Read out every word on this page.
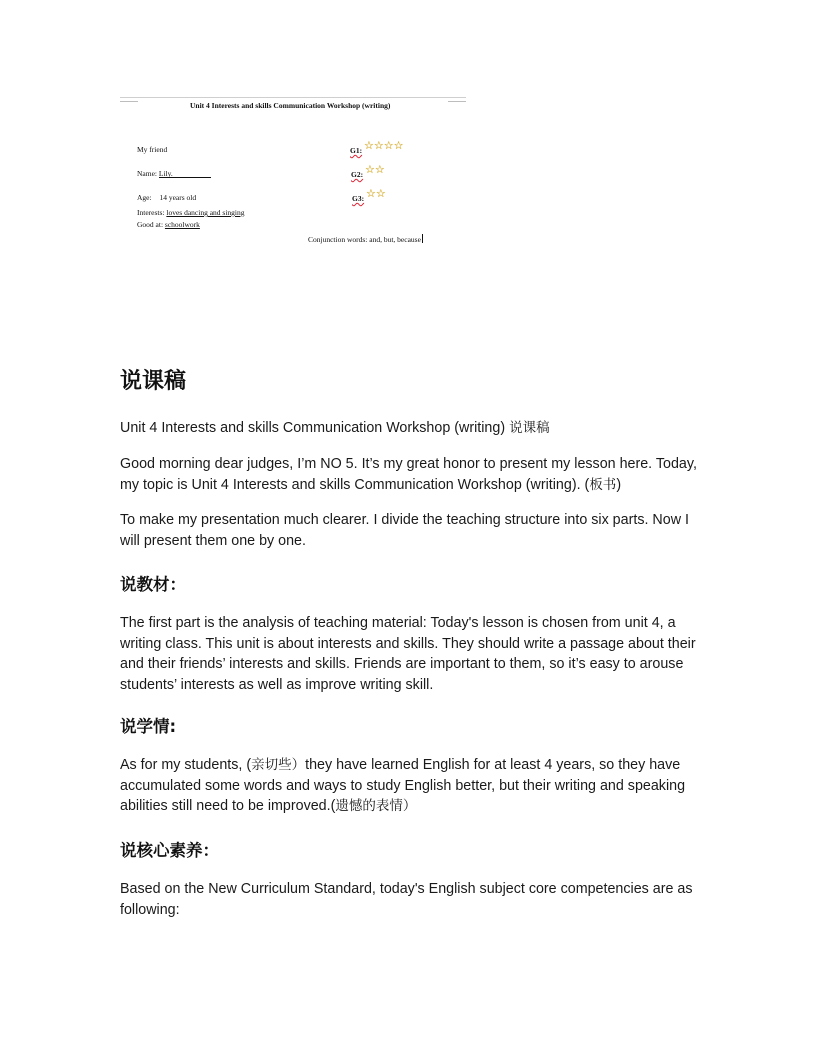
Unit 4 Interests and skills Communication Workshop (writing)
My friend
Name: Lily.
Age: 14 years old
Interests: loves dancing and singing
Good at: schoolwork
G1: ☆☆☆☆
G2: ☆☆
G3: ☆☆
Conjunction words: and, but, because
说课稿
Unit 4 Interests and skills Communication Workshop (writing) 说课稿
Good morning dear judges, I’m NO 5. It’s my great honor to present my lesson here. Today, my topic is Unit 4 Interests and skills Communication Workshop (writing). (板书)
To make my presentation much clearer. I divide the teaching structure into six parts. Now I will present them one by one.
说教材：
The first part is the analysis of teaching material: Today's lesson is chosen from unit 4, a writing class. This unit is about interests and skills. They should write a passage about their and their friends’ interests and skills. Friends are important to them, so it’s easy to arouse students’ interests as well as improve writing skill.
说学情:
As for my students, (亲切些）they have learned English for at least 4 years, so they have accumulated some words and ways to study English better, but their writing and speaking abilities still need to be improved.(遗憾的表情）
说核心素养：
Based on the New Curriculum Standard, today's English subject core competencies are as following:
